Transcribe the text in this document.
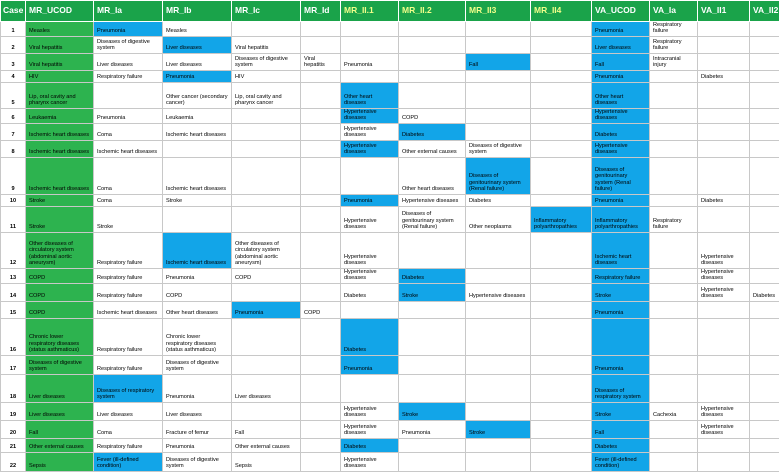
Case	MR_UCOD	MR_Ia	MR_Ib	MR_Ic	MR_Id	MR_II.1	MR_II.2	MR_II3	MR_II4	VA_UCOD	VA_Ia	VA_II1	VA_II2
1	Measles	Pneumonia	Measles							Pneumonia	Respiratory failure		
2	Viral hepatitis	Diseases of digestive system	Liver diseases	Viral hepatitis						Liver diseases	Respiratory failure		
3	Viral hepatitis	Liver diseases	Liver diseases	Diseases of digestive system	Viral hepatitis	Pneumonia		Fall		Fall	Intracranial injury		
4	HIV	Respiratory failure	Pneumonia	HIV						Pneumonia		Diabetes	
5	Lip, oral cavity and pharynx cancer		Other cancer (secondary cancer)	Lip, oral cavity and pharynx cancer		Other heart diseases				Other heart diseases			
6	Leukaemia	Pneumonia	Leukaemia			Hypertensive diseases	COPD			Hypertensive diseases			
7	Ischemic heart diseases	Coma	Ischemic heart diseases			Hypertensive diseases	Diabetes			Diabetes			
8	Ischemic heart diseases	Ischemic heart diseases				Hypertensive diseases	Other external causes	Diseases of digestive system		Hypertensive diseases			
9	Ischemic heart diseases	Coma	Ischemic heart diseases				Other heart diseases	Diseases of genitourinary system (Renal failure)		Diseases of genitourinary system (Renal failure)			
10	Stroke	Coma	Stroke			Pneumonia	Hypertensive diseases	Diabetes		Pneumonia		Diabetes	
11	Stroke	Stroke				Hypertensive diseases	Diseases of genitourinary system (Renal failure)	Other neoplasms	Inflammatory polyarthropathies	Inflammatory polyarthropathies	Respiratory failure		
12	Other diseases of circulatory system (abdominal aortic aneurysm)	Respiratory failure	Ischemic heart diseases	Other diseases of circulatory system (abdominal aortic aneurysm)		Hypertensive diseases				Ischemic heart diseases		Hypertensive diseases	
13	COPD	Respiratory failure	Pneumonia	COPD		Hypertensive diseases	Diabetes			Respiratory failure		Hypertensive diseases	
14	COPD	Respiratory failure	COPD			Diabetes	Stroke	Hypertensive diseases		Stroke		Hypertensive diseases	Diabetes
15	COPD	Ischemic heart diseases	Other heart diseases	Pneumonia	COPD					Pneumonia			
16	Chronic lower respiratory diseases (status asthmaticus)	Respiratory failure	Chronic lower respiratory diseases (status asthmaticus)			Diabetes							
17	Diseases of digestive system	Respiratory failure	Diseases of digestive system			Pneumonia				Pneumonia			
18	Liver diseases	Diseases of respiratory system	Pneumonia	Liver diseases						Diseases of respiratory system			
19	Liver diseases	Liver diseases	Liver diseases			Hypertensive diseases	Stroke			Stroke	Cachexia	Hypertensive diseases	
20	Fall	Coma	Fracture of femur	Fall		Hypertensive diseases	Pneumonia	Stroke		Fall		Hypertensive diseases	
21	Other external causes	Respiratory failure	Pneumonia	Other external causes		Diabetes				Diabetes			
22	Sepsis	Fever (ill-defined condition)	Diseases of digestive system	Sepsis		Hypertensive diseases				Fever (ill-defined condition)			
